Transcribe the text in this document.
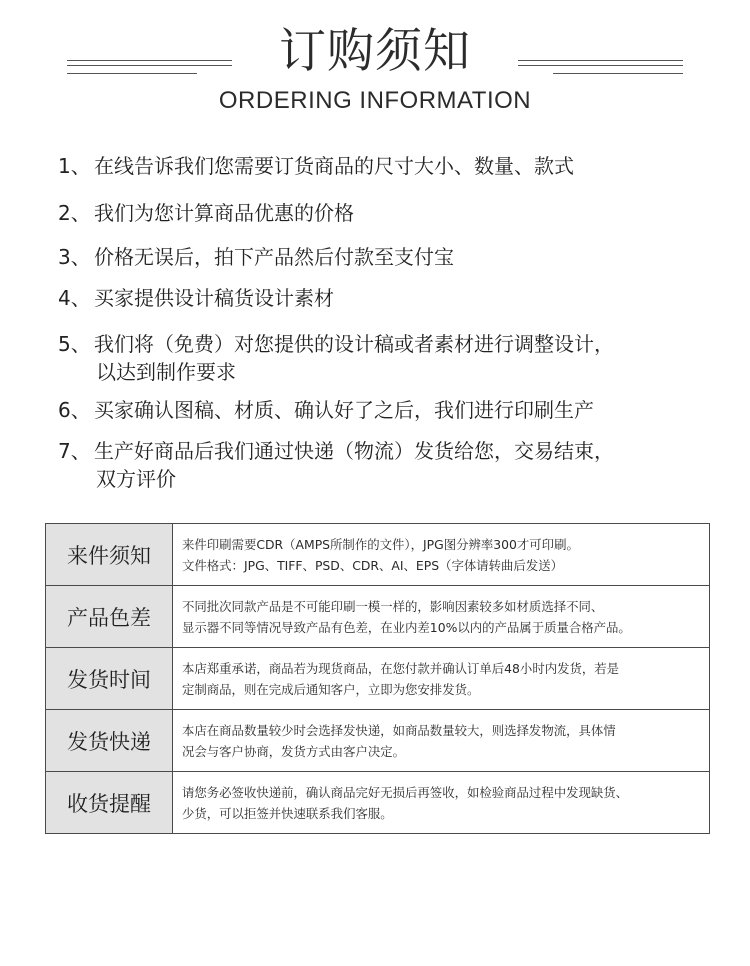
订购须知
ORDERING INFORMATION
1、 在线告诉我们您需要订货商品的尺寸大小、数量、款式
2、 我们为您计算商品优惠的价格
3、 价格无误后，拍下产品然后付款至支付宝
4、 买家提供设计稿货设计素材
5、 我们将（免费）对您提供的设计稿或者素材进行调整设计，
以达到制作要求
6、 买家确认图稿、材质、确认好了之后，我们进行印刷生产
7、 生产好商品后我们通过快递（物流）发货给您，交易结束，
双方评价
来件须知	来件印刷需要CDR（AMPS所制作的文件），JPG图分辨率300才可印刷。
文件格式：JPG、TIFF、PSD、CDR、AI、EPS（字体请转曲后发送）
产品色差	不同批次同款产品是不可能印刷一模一样的，影响因素较多如材质选择不同、
显示器不同等情况导致产品有色差，在业内差10%以内的产品属于质量合格产品。
发货时间	本店郑重承诺，商品若为现货商品，在您付款并确认订单后48小时内发货，若是
定制商品，则在完成后通知客户，立即为您安排发货。
发货快递	本店在商品数量较少时会选择发快递，如商品数量较大，则选择发物流，具体情
况会与客户协商，发货方式由客户决定。
收货提醒	请您务必签收快递前，确认商品完好无损后再签收，如检验商品过程中发现缺货、
少货，可以拒签并快速联系我们客服。
